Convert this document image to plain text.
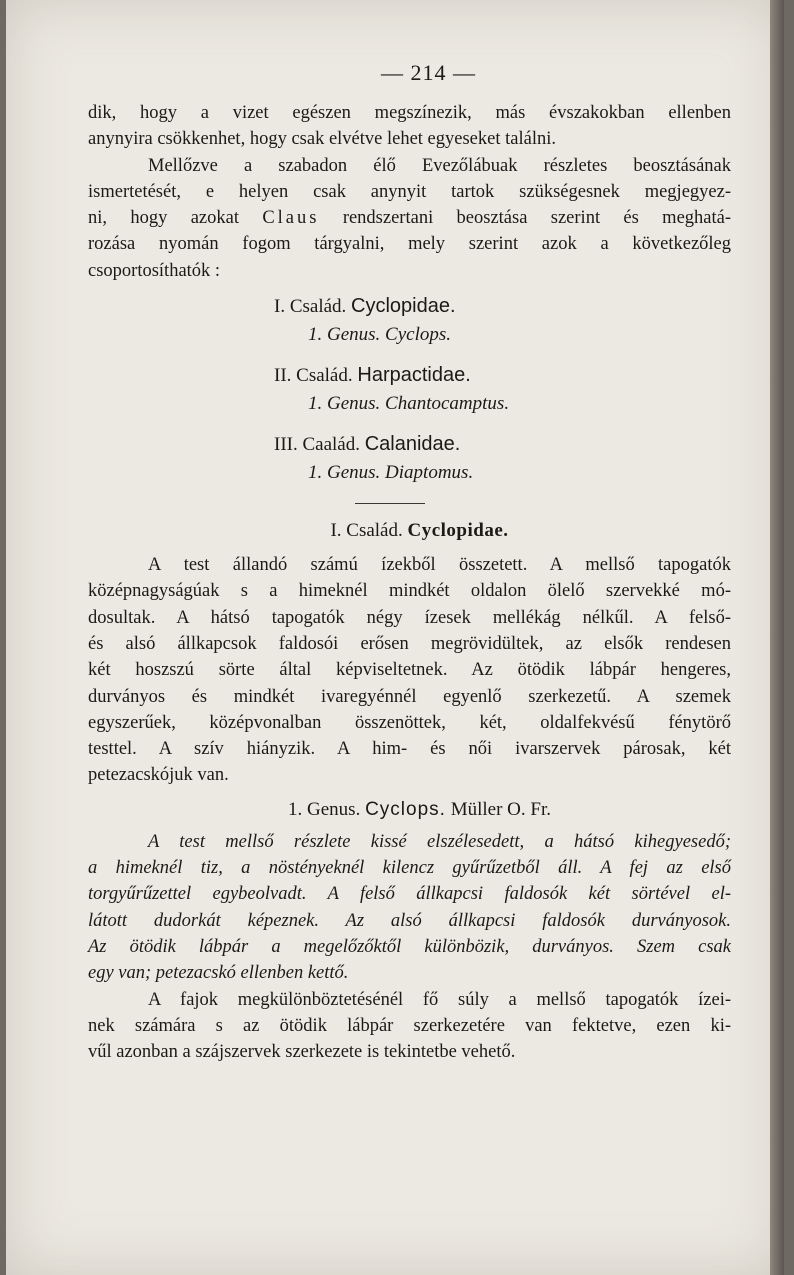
— 214 —

dik, hogy a vizet egészen megszínezik, más évszakokban ellenben
anynyira csökkenhet, hogy csak elvétve lehet egyeseket találni.

Mellőzve a szabadon élő Evezőlábuak részletes beosztásának
ismertetését, e helyen csak anynyit tartok szükségesnek megjegyez-
ni, hogy azokat Claus rendszertani beosztása szerint és meghatá-
rozása nyomán fogom tárgyalni, mely szerint azok a következőleg
csoportosíthatók :

I. Család. Cyclopidae.
1. Genus. Cyclops.
II. Család. Harpactidae.
1. Genus. Chantocamptus.
III. Caalád. Calanidae.
1. Genus. Diaptomus.
I. Család. Cyclopidae.

A test állandó számú ízekből összetett. A mellső tapogatók
középnagyságúak s a himeknél mindkét oldalon ölelő szervekké mó-
dosultak. A hátsó tapogatók négy ízesek mellékág nélkűl. A felső-
és alsó állkapcsok faldosói erősen megrövidültek, az elsők rendesen
két hoszszú sörte által képviseltetnek. Az ötödik lábpár hengeres,
durványos és mindkét ivaregyénnél egyenlő szerkezetű. A szemek
egyszerűek, középvonalban összenöttek, két, oldalfekvésű fénytörő
testtel. A szív hiányzik. A him- és női ivarszervek párosak, két
petezacskójuk van.

1. Genus. Cyclops. Müller O. Fr.

A test mellső részlete kissé elszélesedett, a hátsó kihegyesedő;
a himeknél tiz, a nöstényeknél kilencz gyűrűzetből áll. A fej az első
torgyűrűzettel egybeolvadt. A felső állkapcsi faldosók két sörtével el-
látott dudorkát képeznek. Az alsó állkapcsi faldosók durványosok.
Az ötödik lábpár a megelőzőktől különbözik, durványos. Szem csak
egy van; petezacskó ellenben kettő.

A fajok megkülönböztetésénél fő súly a mellső tapogatók ízei-
nek számára s az ötödik lábpár szerkezetére van fektetve, ezen ki-
vűl azonban a szájszervek szerkezete is tekintetbe vehető.
